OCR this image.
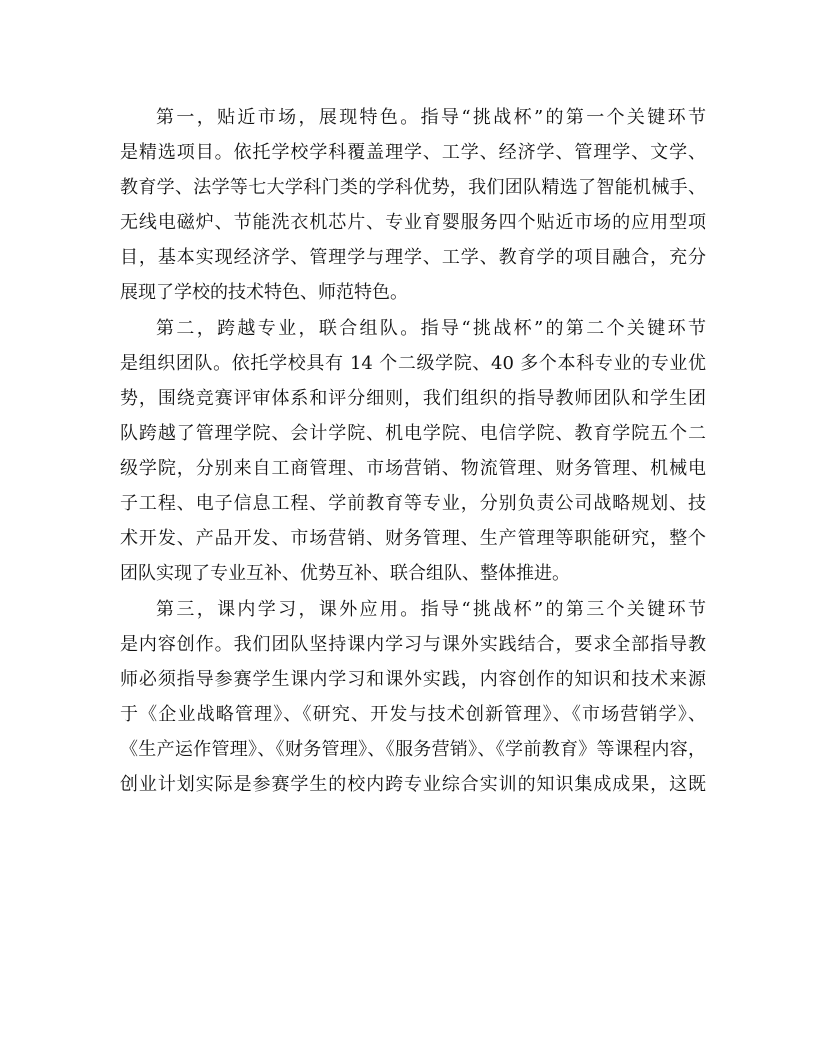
第一，贴近市场，展现特色。指导“挑战杯”的第一个关键环节
是精选项目。依托学校学科覆盖理学、工学、经济学、管理学、文学、
教育学、法学等七大学科门类的学科优势，我们团队精选了智能机械手、
无线电磁炉、节能洗衣机芯片、专业育婴服务四个贴近市场的应用型项
目，基本实现经济学、管理学与理学、工学、教育学的项目融合，充分
展现了学校的技术特色、师范特色。

第二，跨越专业，联合组队。指导“挑战杯”的第二个关键环节
是组织团队。依托学校具有 14 个二级学院、40 多个本科专业的专业优
势，围绕竞赛评审体系和评分细则，我们组织的指导教师团队和学生团
队跨越了管理学院、会计学院、机电学院、电信学院、教育学院五个二
级学院，分别来自工商管理、市场营销、物流管理、财务管理、机械电
子工程、电子信息工程、学前教育等专业，分别负责公司战略规划、技
术开发、产品开发、市场营销、财务管理、生产管理等职能研究，整个
团队实现了专业互补、优势互补、联合组队、整体推进。

第三，课内学习，课外应用。指导“挑战杯”的第三个关键环节
是内容创作。我们团队坚持课内学习与课外实践结合，要求全部指导教
师必须指导参赛学生课内学习和课外实践，内容创作的知识和技术来源
于《企业战略管理》、《研究、开发与技术创新管理》、《市场营销学》、
《生产运作管理》、《财务管理》、《服务营销》、《学前教育》等课程内容，
创业计划实际是参赛学生的校内跨专业综合实训的知识集成成果，这既
